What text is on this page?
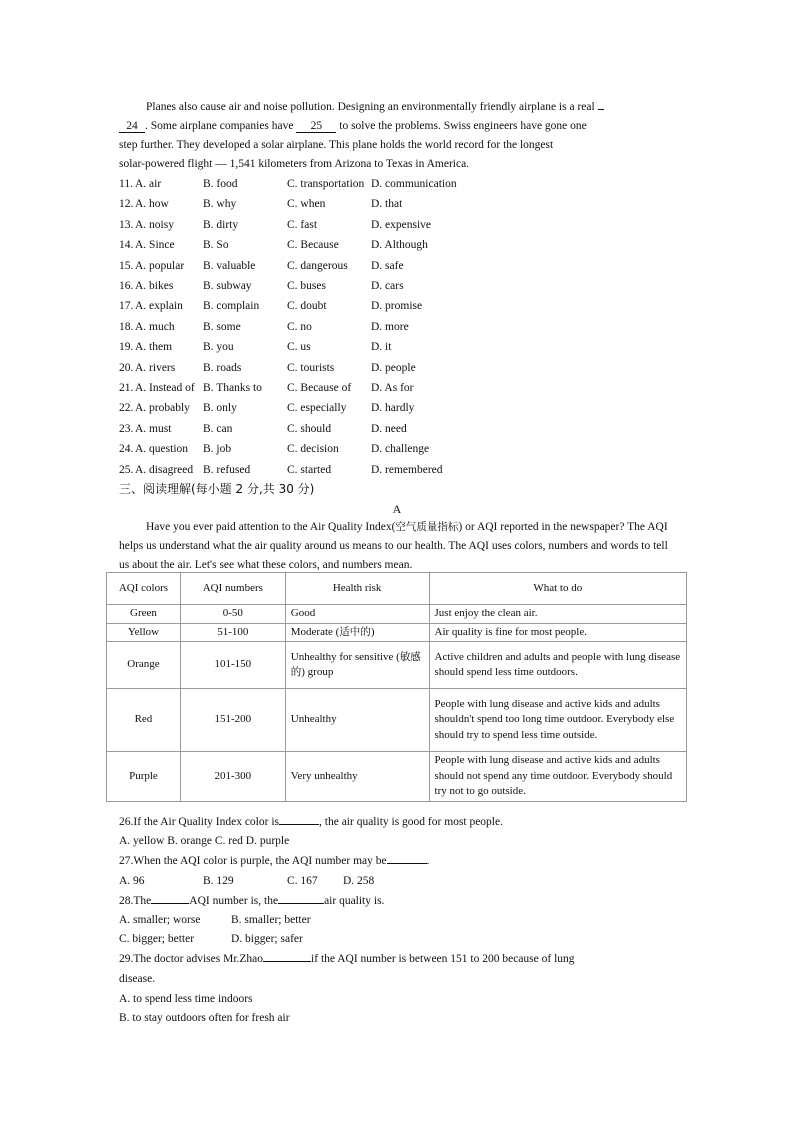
Planes also cause air and noise pollution. Designing an environmentally friendly airplane is a real
24 . Some airplane companies have 25 to solve the problems. Swiss engineers have gone one
step further. They developed a solar airplane. This plane holds the world record for the longest
solar-powered flight — 1,541 kilometers from Arizona to Texas in America.
11. A. air	B. food	C. transportation D. communication
12. A. how	B. why	C. when	D. that
13. A. noisy	B. dirty	C. fast	D. expensive
14. A. Since B. So	C. Because	D. Although
15. A. popular B. valuable	C. dangerous D. safe
16. A. bikes	B. subway	C. buses	D. cars
17. A. explain B. complain C. doubt	D. promise
18. A. much B. some	C. no	D. more
19. A. them	B. you	C. us	D. it
20. A. rivers B. roads	C. tourists	D. people
21. A. Instead of B. Thanks to C. Because of D. As for
22. A. probably B. only	C. especially D. hardly
23. A. must	B. can	C. should	D. need
24. A. question B. job	C. decision	D. challenge
25. A. disagreed B. refused	C. started	D. remembered
三、阅读理解(每小题 2 分,共 30 分)
A
Have you ever paid attention to the Air Quality Index(空气质量指标) or AQI reported in the newspaper? The AQI helps us understand what the air quality around us means to our health. The AQI uses colors, numbers and words to tell us about the air. Let's see what these colors, and numbers mean.
AQI colors	AQI numbers	Health risk	What to do
Green	0-50	Good	Just enjoy the clean air.
Yellow	51-100	Moderate (适中的)	Air quality is fine for most people.
Orange	101-150	Unhealthy for sensitive (敏感的) group	Active children and adults and people with lung disease should spend less time outdoors.
Red	151-200	Unhealthy	People with lung disease and active kids and adults shouldn't spend too long time outdoor. Everybody else should try to spend less time outside.
Purple	201-300	Very unhealthy	People with lung disease and active kids and adults should not spend any time outdoor. Everybody should try not to go outside.
26.If the Air Quality Index color is	, the air quality is good for most people.
A. yellow B. orange C. red D. purple
27.When the AQI color is purple, the AQI number may be	.
A. 96	B. 129	C. 167 D. 258
28.The	AQI number is, the	air quality is.
A. smaller; worse	B. smaller; better
C. bigger; better	D. bigger; safer
29.The doctor advises Mr.Zhao	if the AQI number is between 151 to 200 because of lung
disease.
A. to spend less time indoors
B. to stay outdoors often for fresh air
